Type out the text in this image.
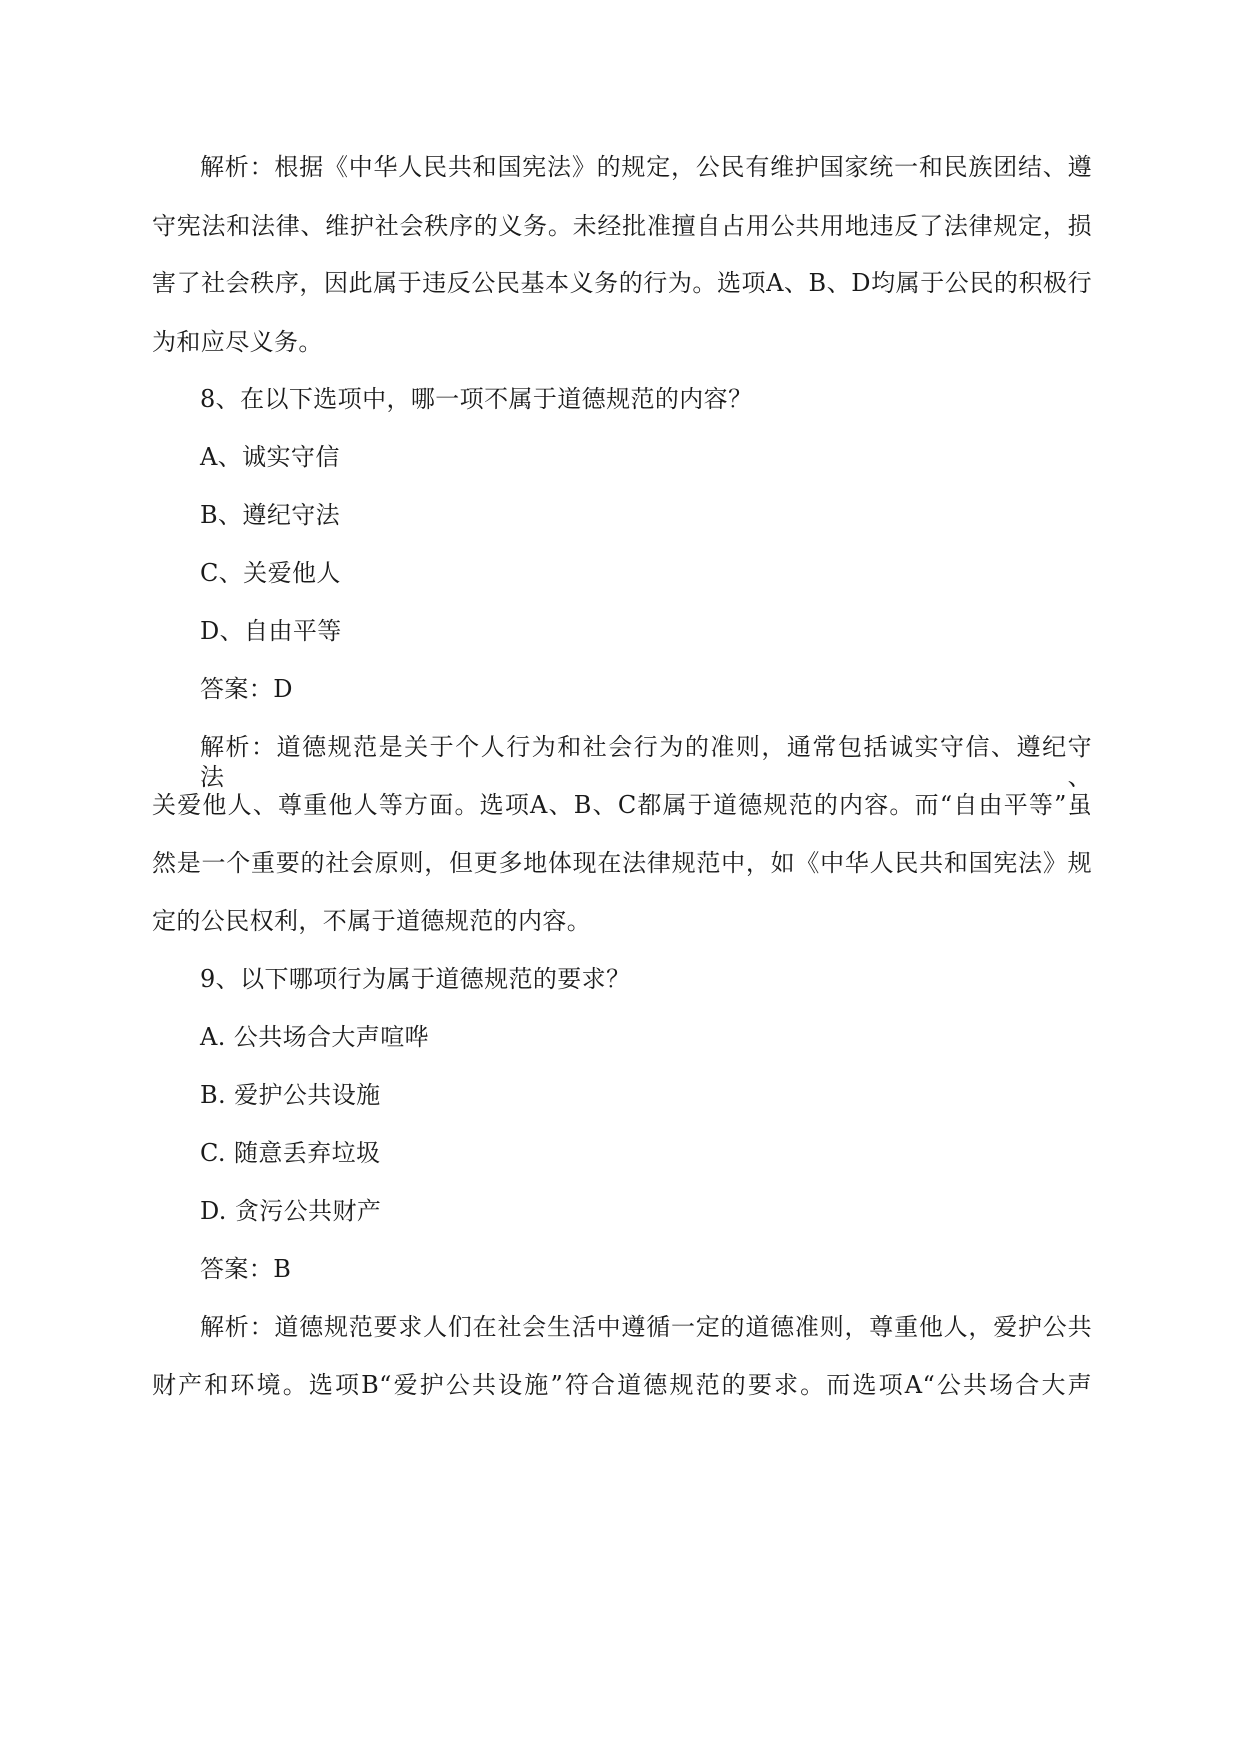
解析：根据《中华人民共和国宪法》的规定，公民有维护国家统一和民族团结、遵
守宪法和法律、维护社会秩序的义务。未经批准擅自占用公共用地违反了法律规定，损
害了社会秩序，因此属于违反公民基本义务的行为。选项A、B、D均属于公民的积极行
为和应尽义务。
8、在以下选项中，哪一项不属于道德规范的内容？
A、诚实守信
B、遵纪守法
C、关爱他人
D、自由平等
答案：D
解析：道德规范是关于个人行为和社会行为的准则，通常包括诚实守信、遵纪守法、
关爱他人、尊重他人等方面。选项A、B、C都属于道德规范的内容。而“自由平等”虽
然是一个重要的社会原则，但更多地体现在法律规范中，如《中华人民共和国宪法》规
定的公民权利，不属于道德规范的内容。
9、以下哪项行为属于道德规范的要求？
A. 公共场合大声喧哗
B. 爱护公共设施
C. 随意丢弃垃圾
D. 贪污公共财产
答案：B
解析：道德规范要求人们在社会生活中遵循一定的道德准则，尊重他人，爱护公共
财产和环境。选项B“爱护公共设施”符合道德规范的要求。而选项A“公共场合大声
